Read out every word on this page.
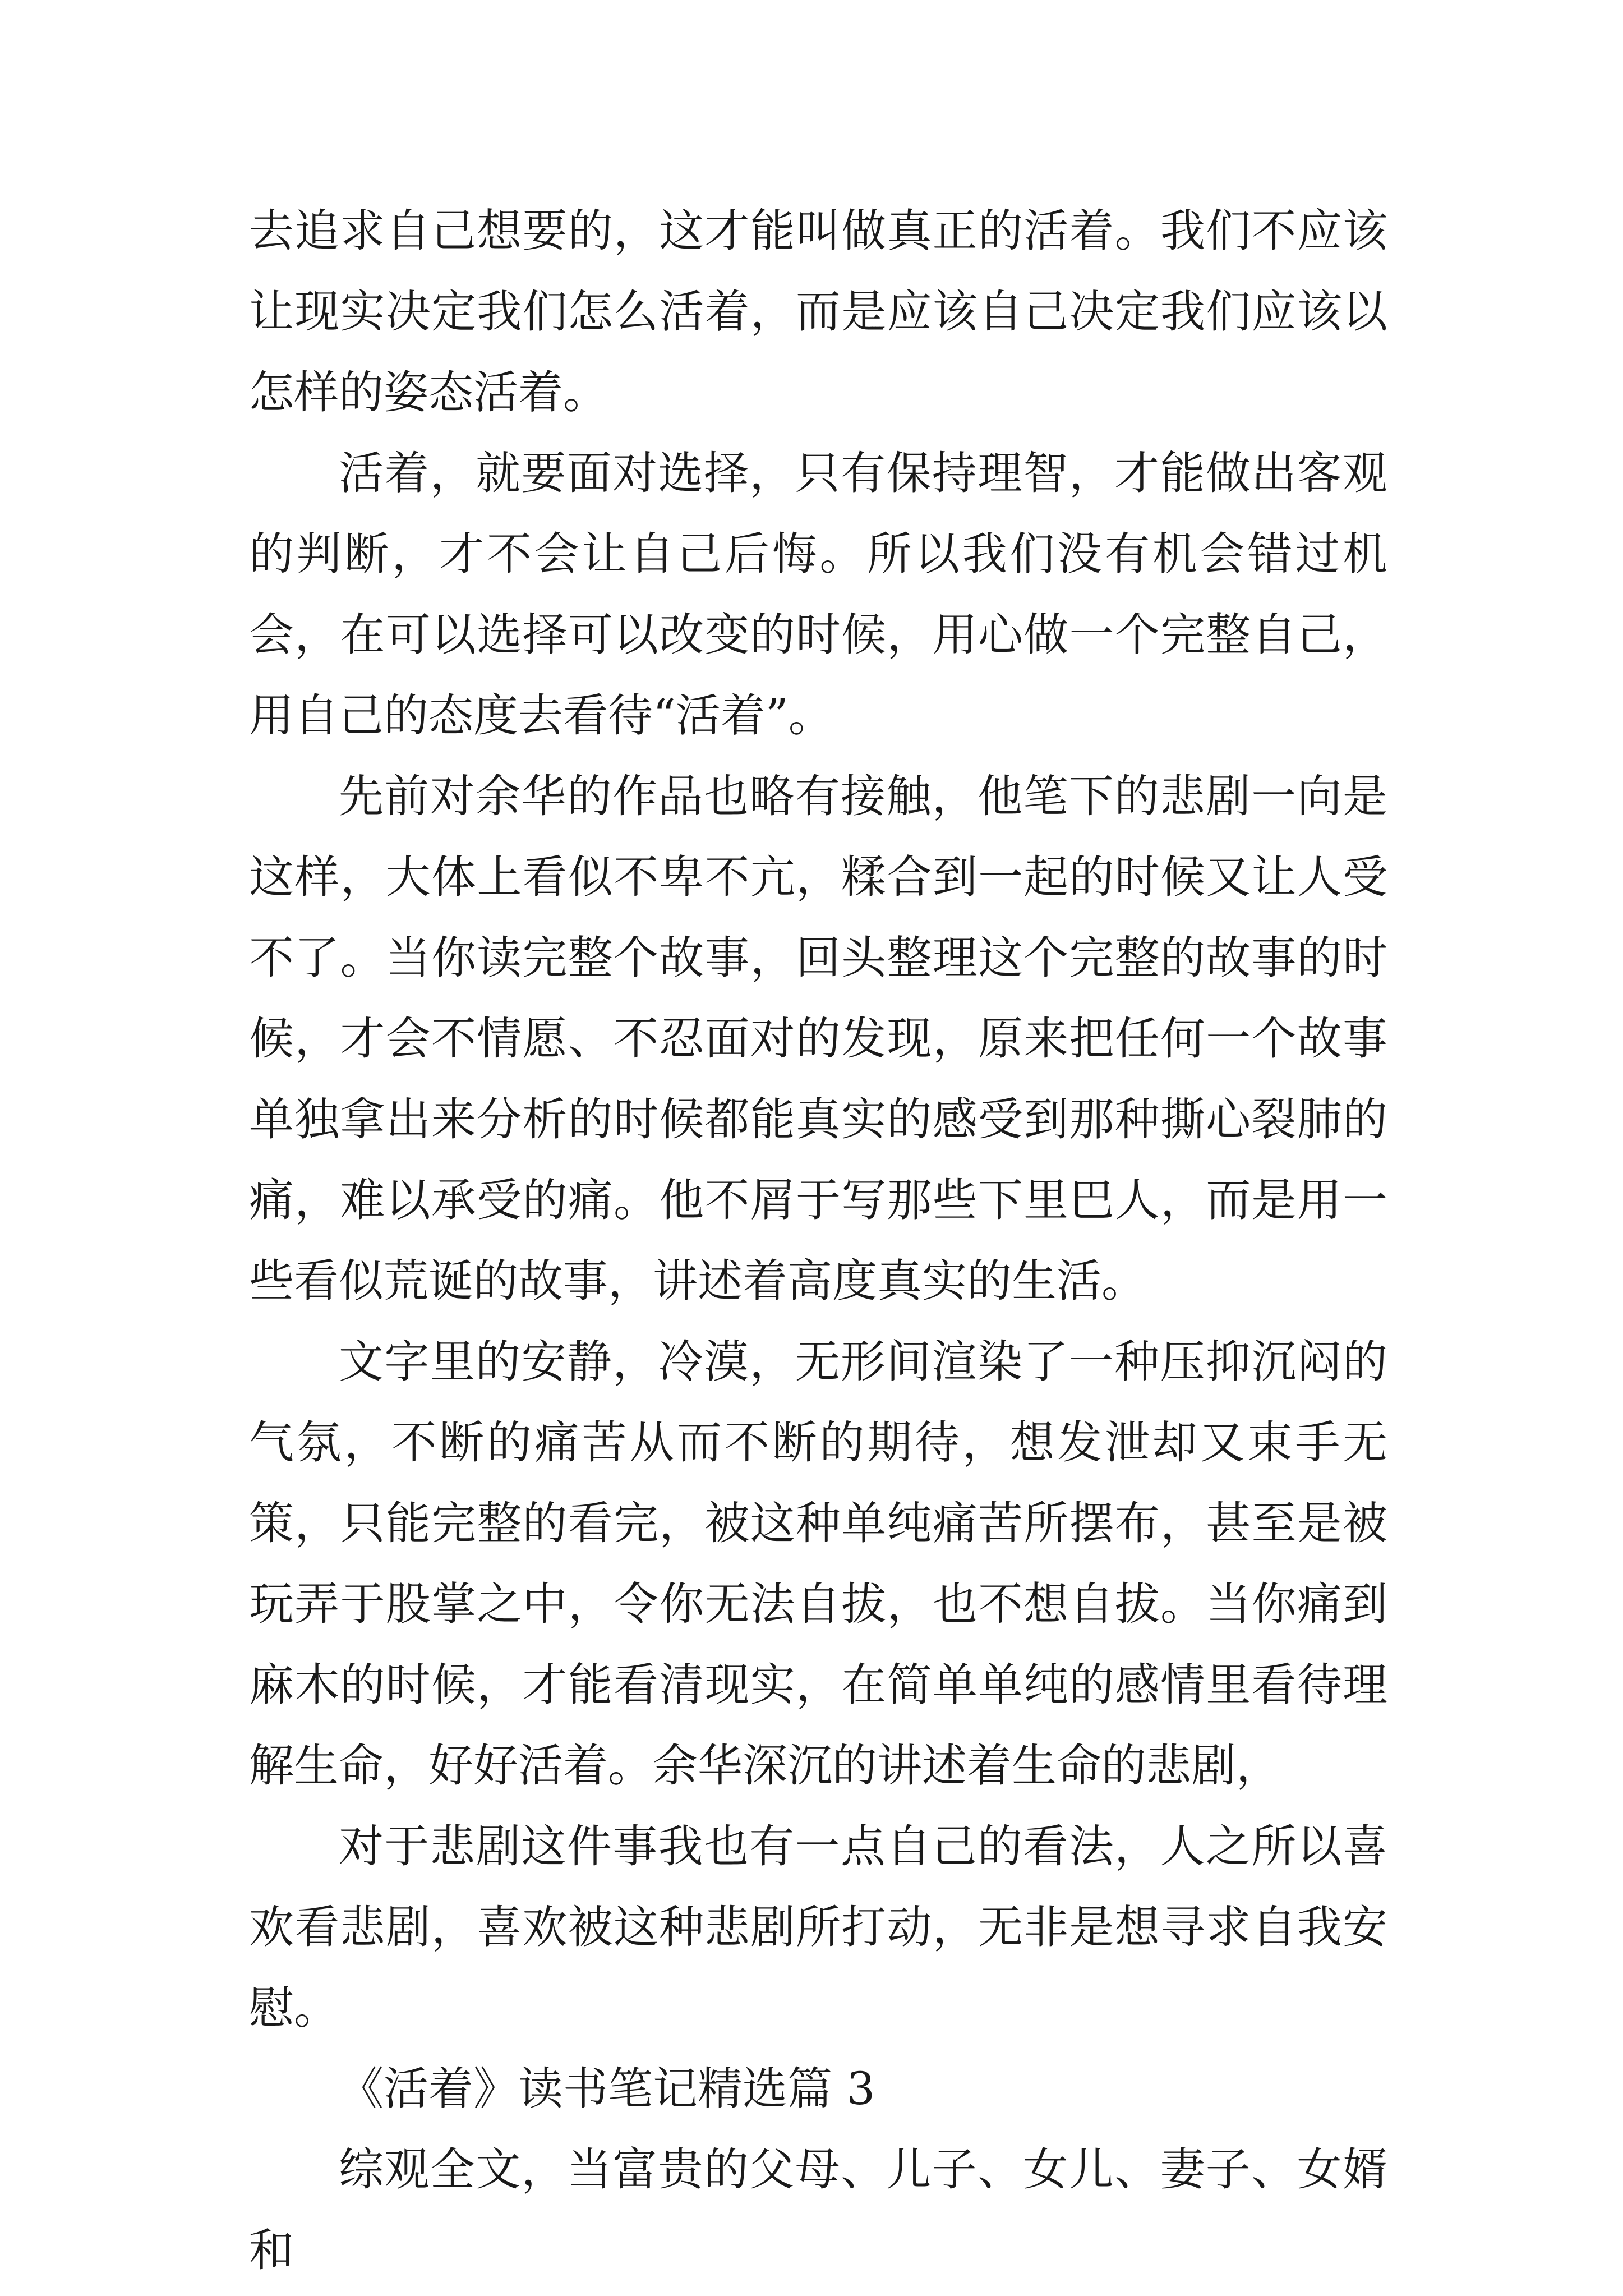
去追求自己想要的，这才能叫做真正的活着。我们不应该让现实决定我们怎么活着，而是应该自己决定我们应该以怎样的姿态活着。

活着，就要面对选择，只有保持理智，才能做出客观的判断，才不会让自己后悔。所以我们没有机会错过机会，在可以选择可以改变的时候，用心做一个完整自己，用自己的态度去看待“活着”。

先前对余华的作品也略有接触，他笔下的悲剧一向是这样，大体上看似不卑不亢，糅合到一起的时候又让人受不了。当你读完整个故事，回头整理这个完整的故事的时候，才会不情愿、不忍面对的发现，原来把任何一个故事单独拿出来分析的时候都能真实的感受到那种撕心裂肺的痛，难以承受的痛。他不屑于写那些下里巴人，而是用一些看似荒诞的故事，讲述着高度真实的生活。

文字里的安静，冷漠，无形间渲染了一种压抑沉闷的气氛，不断的痛苦从而不断的期待，想发泄却又束手无策，只能完整的看完，被这种单纯痛苦所摆布，甚至是被玩弄于股掌之中，令你无法自拔，也不想自拔。当你痛到麻木的时候，才能看清现实，在简单单纯的感情里看待理解生命，好好活着。余华深沉的讲述着生命的悲剧，

对于悲剧这件事我也有一点自己的看法，人之所以喜欢看悲剧，喜欢被这种悲剧所打动，无非是想寻求自我安慰。

《活着》读书笔记精选篇 3

综观全文，当富贵的父母、儿子、女儿、妻子、女婿和
